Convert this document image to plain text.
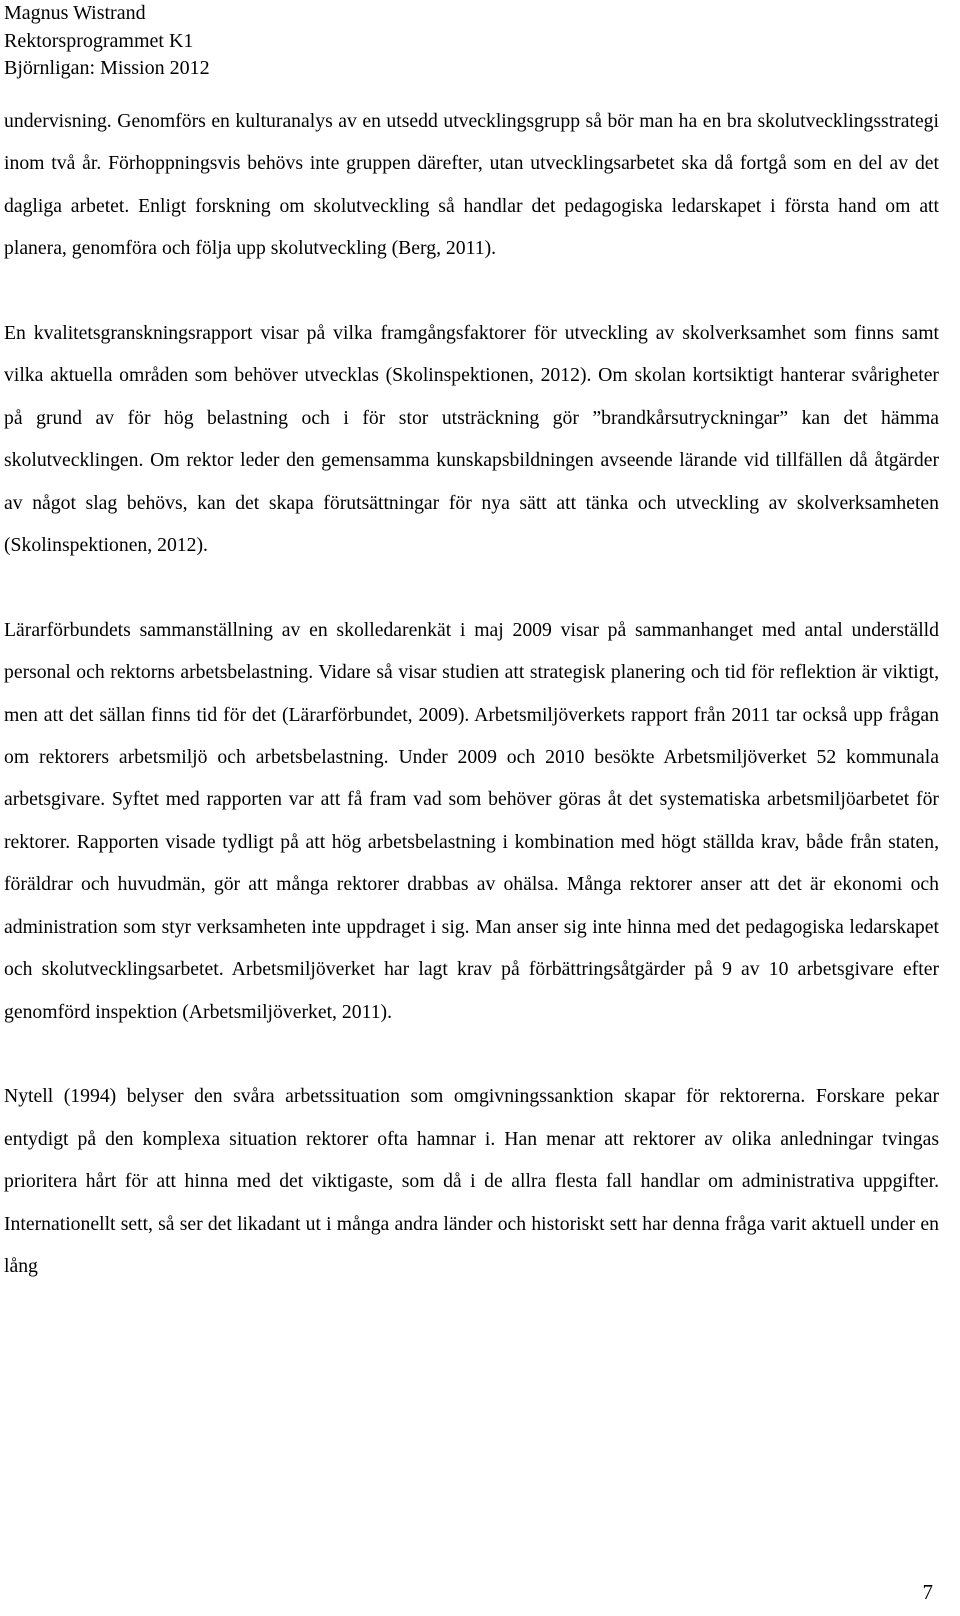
Magnus Wistrand
Rektorsprogrammet K1
Björnligan: Mission 2012

undervisning. Genomförs en kulturanalys av en utsedd utvecklingsgrupp så bör man ha en bra skolutvecklingsstrategi inom två år. Förhoppningsvis behövs inte gruppen därefter, utan utvecklingsarbetet ska då fortgå som en del av det dagliga arbetet. Enligt forskning om skolutveckling så handlar det pedagogiska ledarskapet i första hand om att planera, genomföra och följa upp skolutveckling (Berg, 2011).

En kvalitetsgranskningsrapport visar på vilka framgångsfaktorer för utveckling av skolverksamhet som finns samt vilka aktuella områden som behöver utvecklas (Skolinspektionen, 2012). Om skolan kortsiktigt hanterar svårigheter på grund av för hög belastning och i för stor utsträckning gör ”brandkårsutryckningar” kan det hämma skolutvecklingen. Om rektor leder den gemensamma kunskapsbildningen avseende lärande vid tillfällen då åtgärder av något slag behövs, kan det skapa förutsättningar för nya sätt att tänka och utveckling av skolverksamheten (Skolinspektionen, 2012).

Lärarförbundets sammanställning av en skolledarenkät i maj 2009 visar på sammanhanget med antal underställd personal och rektorns arbetsbelastning. Vidare så visar studien att strategisk planering och tid för reflektion är viktigt, men att det sällan finns tid för det (Lärarförbundet, 2009). Arbetsmiljöverkets rapport från 2011 tar också upp frågan om rektorers arbetsmiljö och arbetsbelastning. Under 2009 och 2010 besökte Arbetsmiljöverket 52 kommunala arbetsgivare. Syftet med rapporten var att få fram vad som behöver göras åt det systematiska arbetsmiljöarbetet för rektorer. Rapporten visade tydligt på att hög arbetsbelastning i kombination med högt ställda krav, både från staten, föräldrar och huvudmän, gör att många rektorer drabbas av ohälsa. Många rektorer anser att det är ekonomi och administration som styr verksamheten inte uppdraget i sig. Man anser sig inte hinna med det pedagogiska ledarskapet och skolutvecklingsarbetet. Arbetsmiljöverket har lagt krav på förbättringsåtgärder på 9 av 10 arbetsgivare efter genomförd inspektion (Arbetsmiljöverket, 2011).

Nytell (1994) belyser den svåra arbetssituation som omgivningssanktion skapar för rektorerna. Forskare pekar entydigt på den komplexa situation rektorer ofta hamnar i. Han menar att rektorer av olika anledningar tvingas prioritera hårt för att hinna med det viktigaste, som då i de allra flesta fall handlar om administrativa uppgifter. Internationellt sett, så ser det likadant ut i många andra länder och historiskt sett har denna fråga varit aktuell under en lång

7
